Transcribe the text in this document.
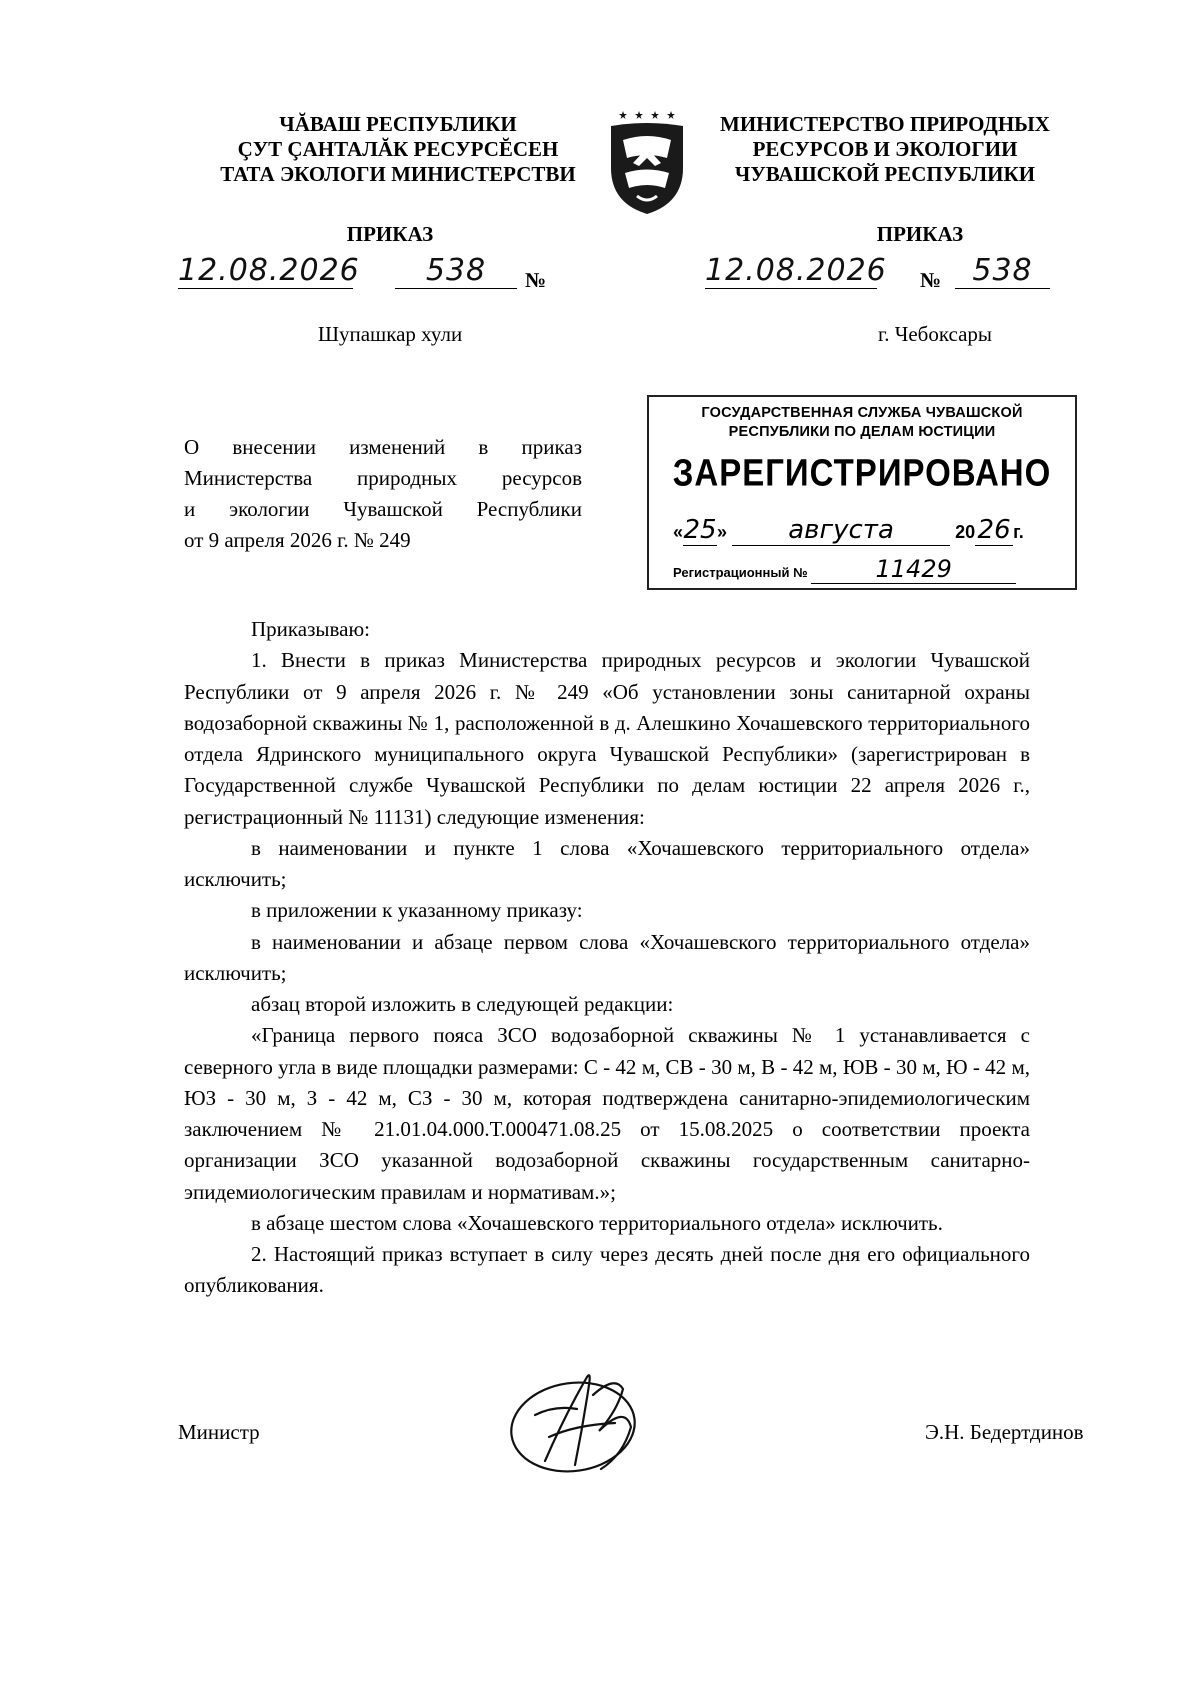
ЧĂВАШ РЕСПУБЛИКИ
ÇУТ ÇАНТАЛĂК РЕСУРСĔСЕН
ТАТА ЭКОЛОГИ МИНИСТЕРСТВИ
МИНИСТЕРСТВО ПРИРОДНЫХ
РЕСУРСОВ И ЭКОЛОГИИ
ЧУВАШСКОЙ РЕСПУБЛИКИ
ПРИКАЗ	ПРИКАЗ
12.08.2026	538	№	12.08.2026 №	538
Шупашкар хули	г. Чебоксары
О внесении изменений в приказ
Министерства природных ресурсов
и экологии Чувашской Республики
от 9 апреля 2026 г. № 249
ГОСУДАРСТВЕННАЯ СЛУЖБА ЧУВАШСКОЙ
РЕСПУБЛИКИ ПО ДЕЛАМ ЮСТИЦИИ
ЗАРЕГИСТРИРОВАНО
«25» августа	2026 г.
Регистрационный №	11429

Приказываю:

1. Внести в приказ Министерства природных ресурсов и экологии Чувашской Республики от 9 апреля 2026 г. № 249 «Об установлении зоны санитарной охраны водозаборной скважины № 1, расположенной в д. Алешкино Хочашевского территориального отдела Ядринского муниципального округа Чувашской Республики» (зарегистрирован в Государственной службе Чувашской Республики по делам юстиции 22 апреля 2026 г., регистрационный № 11131) следующие изменения:

в наименовании и пункте 1 слова «Хочашевского территориального отдела» исключить;

в приложении к указанному приказу:

в наименовании и абзаце первом слова «Хочашевского территориального отдела» исключить;

абзац второй изложить в следующей редакции:

«Граница первого пояса ЗСО водозаборной скважины № 1 устанавливается с северного угла в виде площадки размерами: С - 42 м, СВ - 30 м, В - 42 м, ЮВ - 30 м, Ю - 42 м, ЮЗ - 30 м, З - 42 м, СЗ - 30 м, которая подтверждена санитарно-эпидемиологическим заключением № 21.01.04.000.Т.000471.08.25 от 15.08.2025 о соответствии проекта организации ЗСО указанной водозаборной скважины государственным санитарно-эпидемиологическим правилам и нормативам.»;

в абзаце шестом слова «Хочашевского территориального отдела» исключить.

2. Настоящий приказ вступает в силу через десять дней после дня его официального опубликования.

Министр	Э.Н. Бедертдинов
